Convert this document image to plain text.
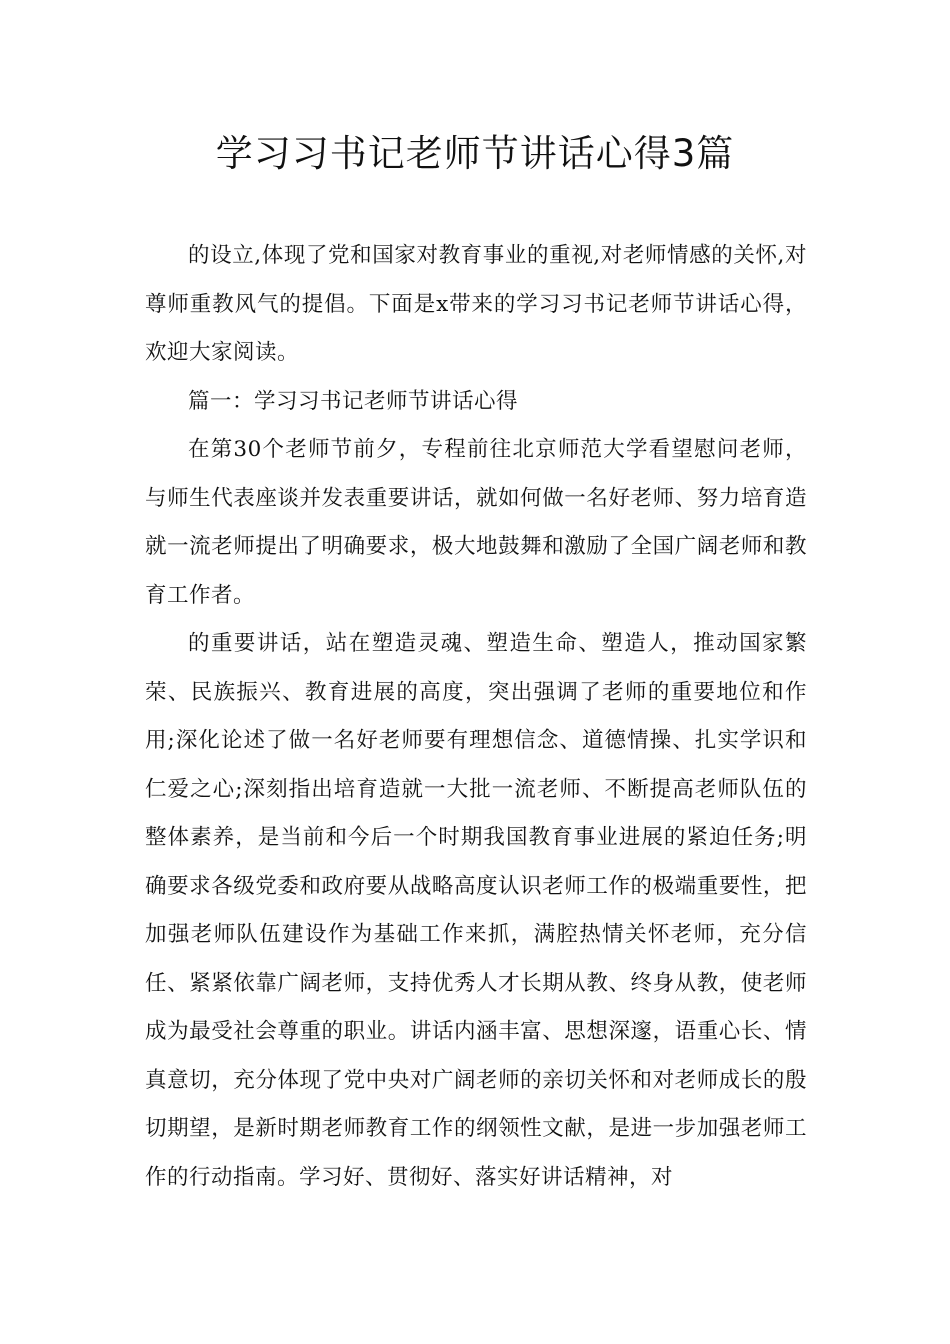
学习习书记老师节讲话心得3篇

的设立,体现了党和国家对教育事业的重视,对老师情感的关怀,对尊师重教风气的提倡。下面是x带来的学习习书记老师节讲话心得，欢迎大家阅读。

篇一：学习习书记老师节讲话心得

在第30个老师节前夕，专程前往北京师范大学看望慰问老师，与师生代表座谈并发表重要讲话，就如何做一名好老师、努力培育造就一流老师提出了明确要求，极大地鼓舞和激励了全国广阔老师和教育工作者。

的重要讲话，站在塑造灵魂、塑造生命、塑造人，推动国家繁荣、民族振兴、教育进展的高度，突出强调了老师的重要地位和作用;深化论述了做一名好老师要有理想信念、道德情操、扎实学识和仁爱之心;深刻指出培育造就一大批一流老师、不断提高老师队伍的整体素养，是当前和今后一个时期我国教育事业进展的紧迫任务;明确要求各级党委和政府要从战略高度认识老师工作的极端重要性，把加强老师队伍建设作为基础工作来抓，满腔热情关怀老师，充分信任、紧紧依靠广阔老师，支持优秀人才长期从教、终身从教，使老师成为最受社会尊重的职业。讲话内涵丰富、思想深邃，语重心长、情真意切，充分体现了党中央对广阔老师的亲切关怀和对老师成长的殷切期望，是新时期老师教育工作的纲领性文献，是进一步加强老师工作的行动指南。学习好、贯彻好、落实好讲话精神，对
